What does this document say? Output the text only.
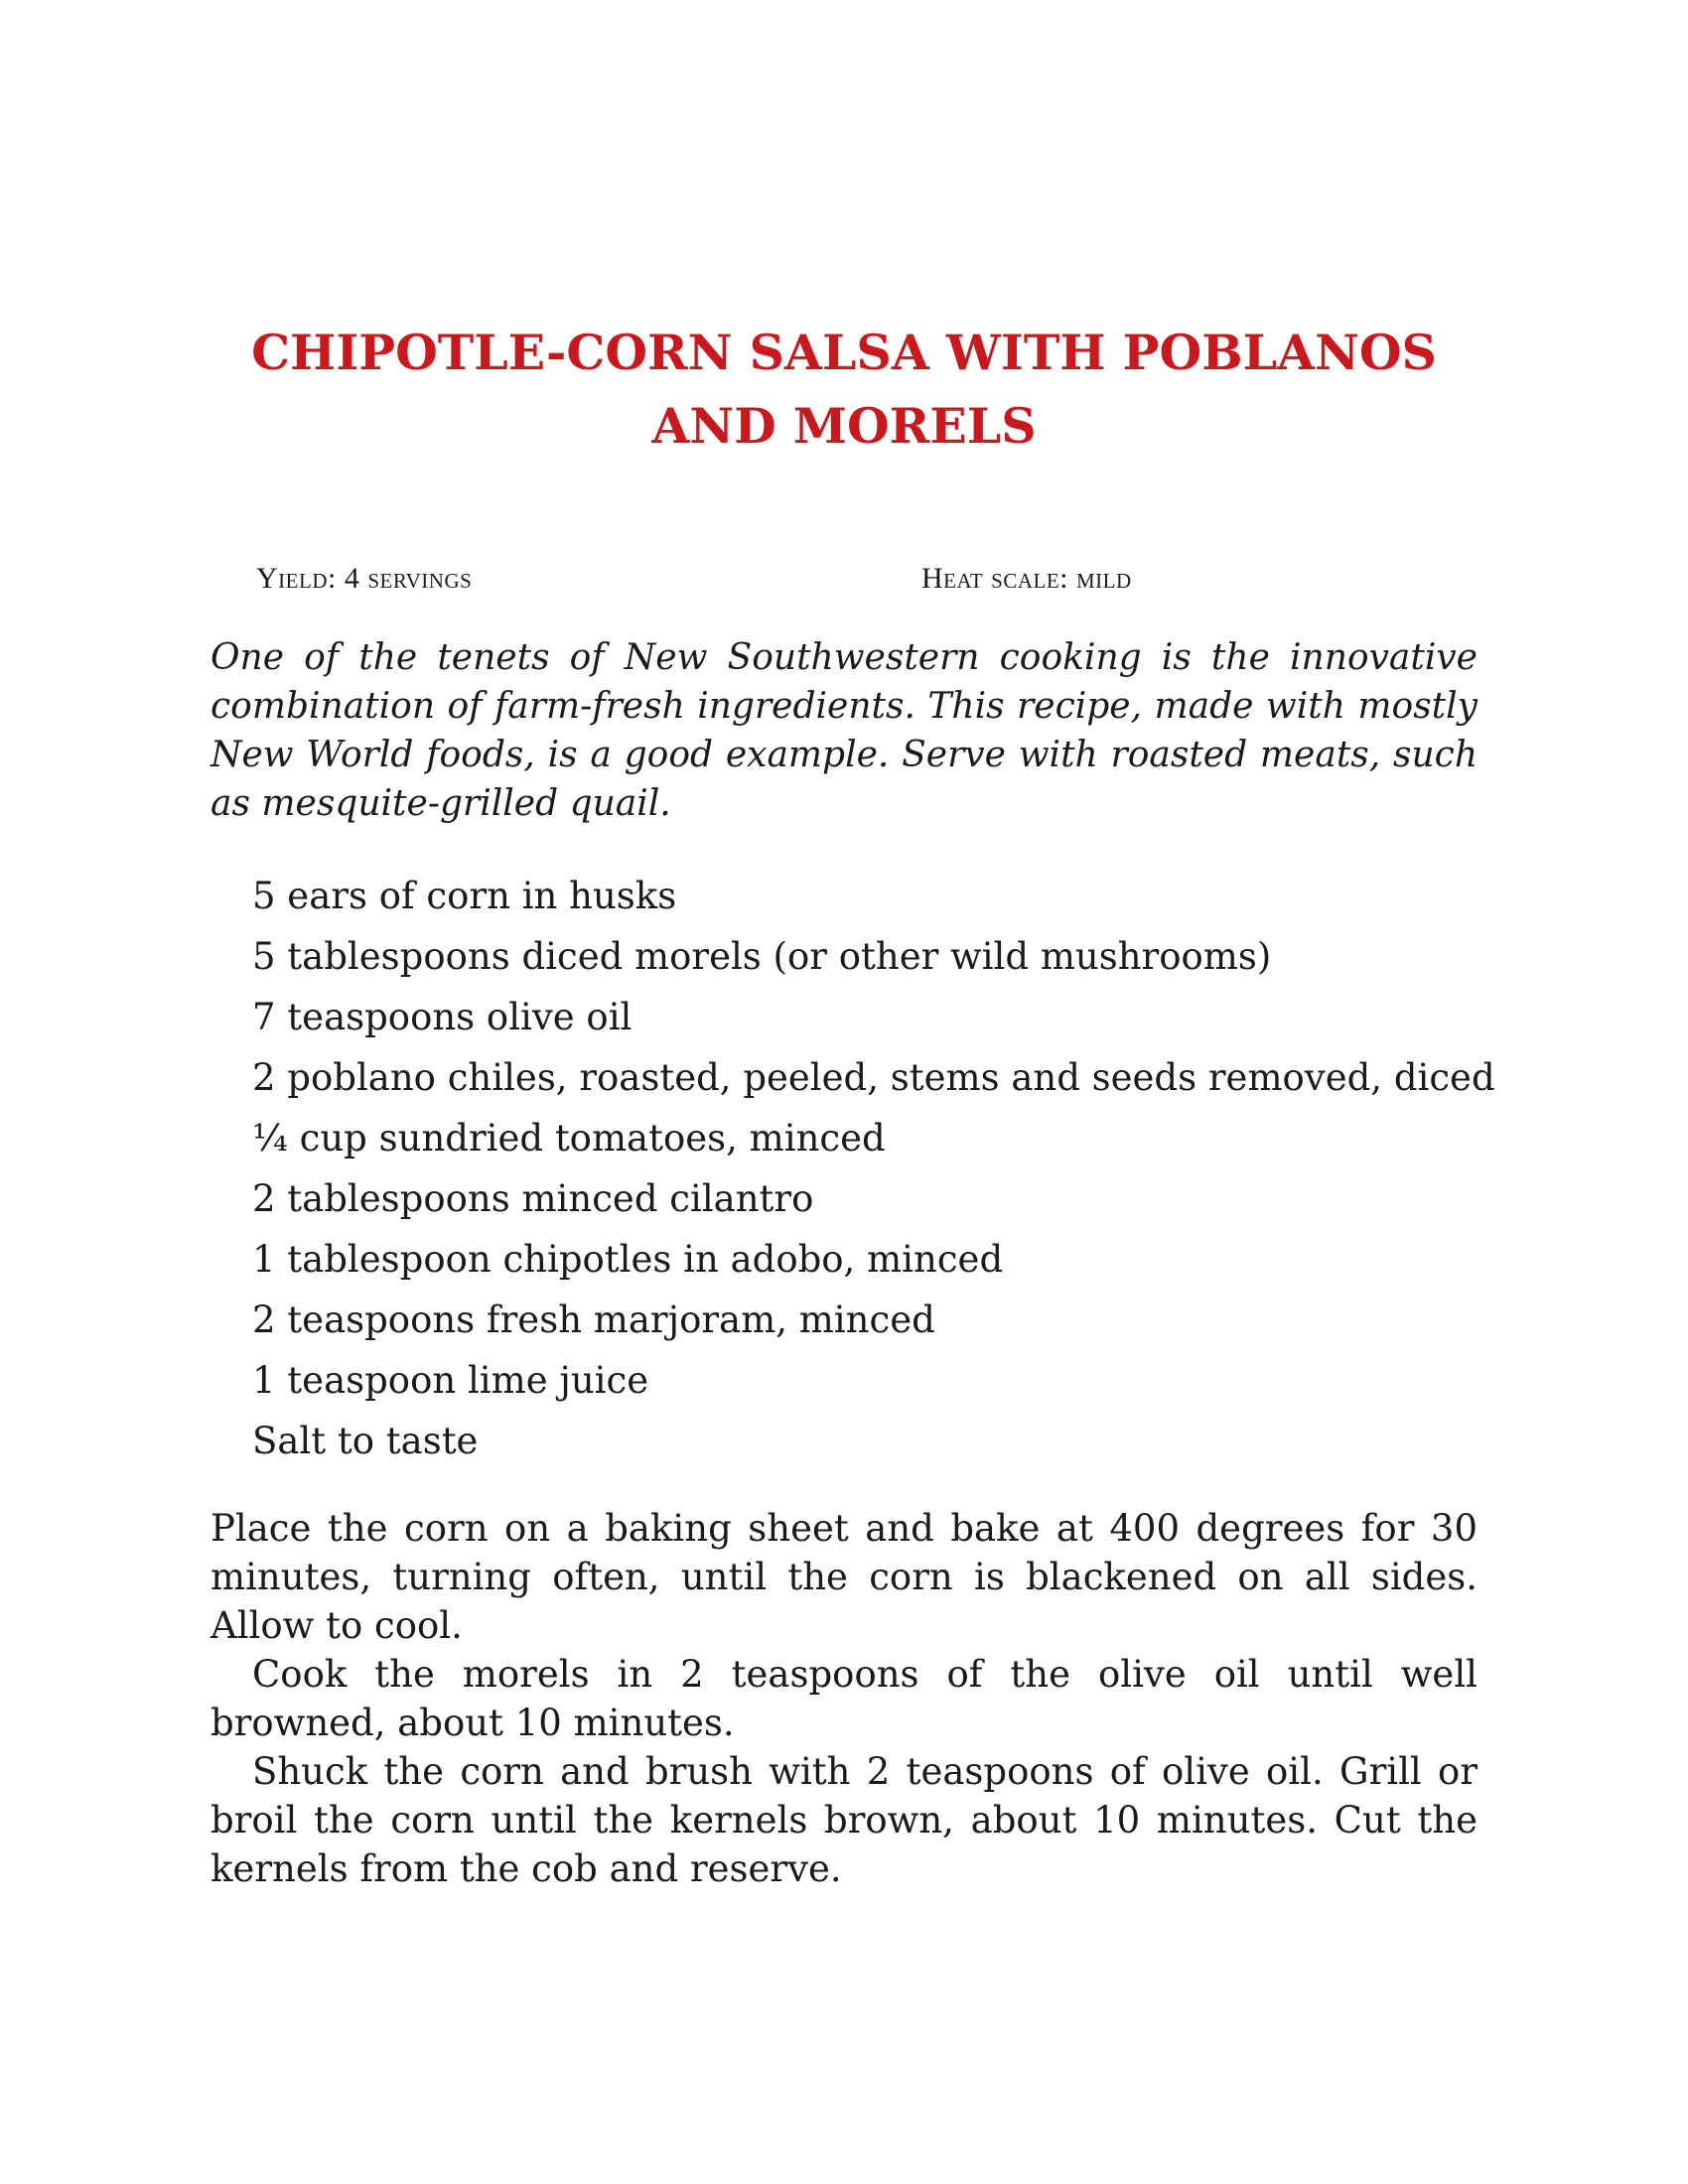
CHIPOTLE-CORN SALSA WITH POBLANOS AND MORELS
Yield: 4 servings	Heat scale: mild

One of the tenets of New Southwestern cooking is the innovative combination of farm-fresh ingredients. This recipe, made with mostly New World foods, is a good example. Serve with roasted meats, such as mesquite-grilled quail.

5 ears of corn in husks
5 tablespoons diced morels (or other wild mushrooms)
7 teaspoons olive oil
2 poblano chiles, roasted, peeled, stems and seeds removed, diced
¼ cup sundried tomatoes, minced
2 tablespoons minced cilantro
1 tablespoon chipotles in adobo, minced
2 teaspoons fresh marjoram, minced
1 teaspoon lime juice
Salt to taste

Place the corn on a baking sheet and bake at 400 degrees for 30 minutes, turning often, until the corn is blackened on all sides. Allow to cool.

Cook the morels in 2 teaspoons of the olive oil until well browned, about 10 minutes.

Shuck the corn and brush with 2 teaspoons of olive oil. Grill or broil the corn until the kernels brown, about 10 minutes. Cut the kernels from the cob and reserve.
